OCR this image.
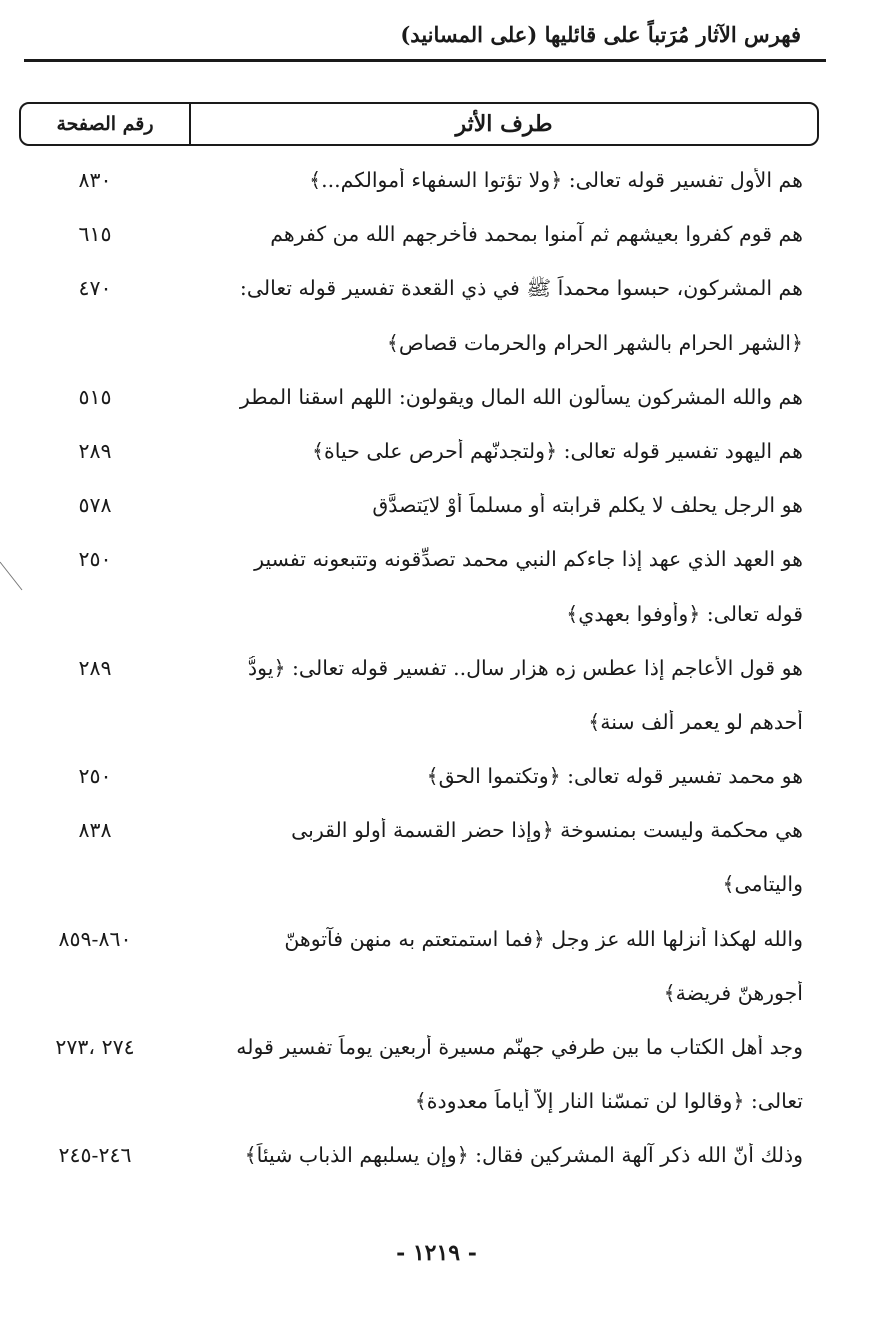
فهرس الآثار مُرَتباً على قائليها (على المسانيد)
طرف الأثر
رقم الصفحة
هم الأول تفسير قوله تعالى: ﴿ولا تؤتوا السفهاء أموالكم...﴾
٨٣٠
هم قوم كفروا بعيشهم ثم آمنوا بمحمد فأخرجهم الله من كفرهم
٦١٥
هم المشركون، حبسوا محمداً ﷺ في ذي القعدة تفسير قوله تعالى:
٤٧٠
﴿الشهر الحرام بالشهر الحرام والحرمات قصاص﴾
هم والله المشركون يسألون الله المال ويقولون: اللهم اسقنا المطر
٥١٥
هم اليهود تفسير قوله تعالى: ﴿ولتجدنّهم أحرص على حياة﴾
٢٨٩
هو الرجل يحلف لا يكلم قرابته أو مسلماً أوْ لايَتصدَّق
٥٧٨
هو العهد الذي عهد إذا جاءكم النبي محمد تصدِّقونه وتتبعونه تفسير
٢٥٠
قوله تعالى: ﴿وأوفوا بعهدي﴾
هو قول الأعاجم إذا عطس زه هزار سال.. تفسير قوله تعالى: ﴿يودُّ
٢٨٩
أحدهم لو يعمر ألف سنة﴾
هو محمد تفسير قوله تعالى: ﴿وتكتموا الحق﴾
٢٥٠
هي محكمة وليست بمنسوخة ﴿وإذا حضر القسمة أولو القربى
٨٣٨
واليتامى﴾
والله لهكذا أنزلها الله عز وجل ﴿فما استمتعتم به منهن فآتوهنّ
٨٦٠-٨٥٩
أجورهنّ فريضة﴾
وجد أهل الكتاب ما بين طرفي جهنّم مسيرة أربعين يوماً تفسير قوله
٢٧٤ ،٢٧٣
تعالى: ﴿وقالوا لن تمسّنا النار إلاّ أياماً معدودة﴾
وذلك أنّ الله ذكر آلهة المشركين فقال: ﴿وإن يسلبهم الذباب شيئاً﴾
٢٤٦-٢٤٥
- ١٢١٩ -
